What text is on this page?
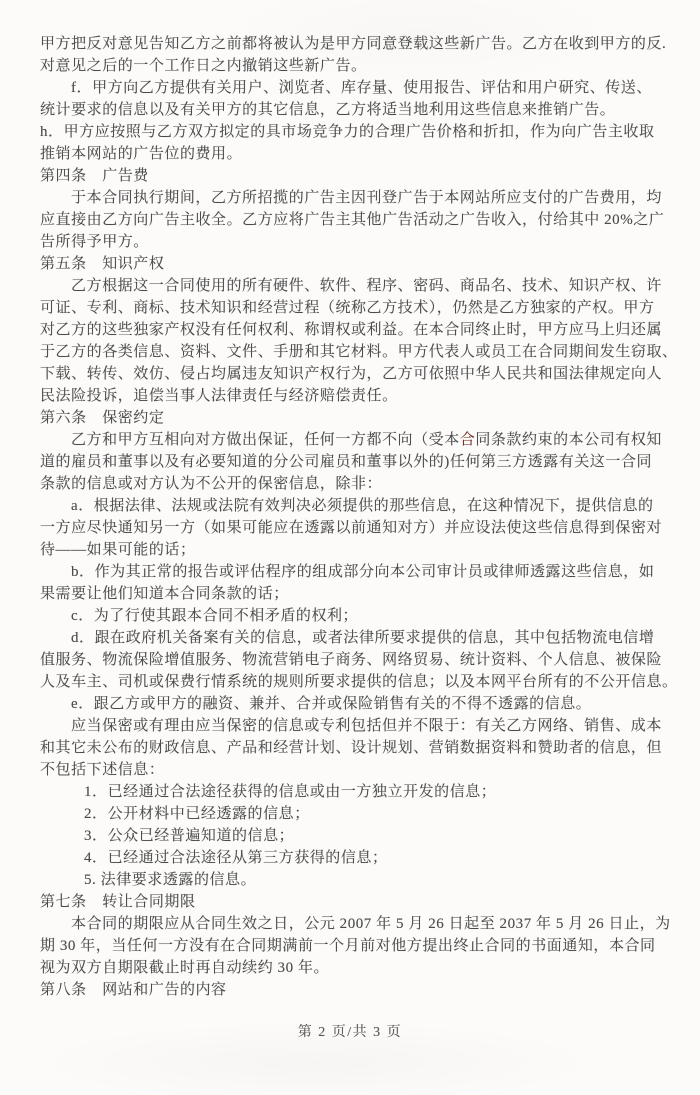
甲方把反对意见告知乙方之前都将被认为是甲方同意登载这些新广告。乙方在收到甲方的反.
对意见之后的一个工作日之内撤销这些新广告。
f．甲方向乙方提供有关用户、浏览者、库存量、使用报告、评估和用户研究、传送、
统计要求的信息以及有关甲方的其它信息，乙方将适当地利用这些信息来推销广告。
h．甲方应按照与乙方双方拟定的具市场竞争力的合理广告价格和折扣，作为向广告主收取
推销本网站的广告位的费用。
第四条　广告费
于本合同执行期间，乙方所招揽的广告主因刊登广告于本网站所应支付的广告费用，均
应直接由乙方向广告主收全。乙方应将广告主其他广告活动之广告收入，付给其中 20%之广
告所得予甲方。
第五条　知识产权
乙方根据这一合同使用的所有硬件、软件、程序、密码、商品名、技术、知识产权、许
可证、专利、商标、技术知识和经营过程（统称乙方技术），仍然是乙方独家的产权。甲方
对乙方的这些独家产权没有任何权利、称谓权或利益。在本合同终止时，甲方应马上归还属
于乙方的各类信息、资料、文件、手册和其它材料。甲方代表人或员工在合同期间发生窃取、
下载、转传、效仿、侵占均属违友知识产权行为，乙方可依照中华人民共和国法律规定向人
民法险投诉，追偿当事人法律责任与经济赔偿责任。
第六条　保密约定
乙方和甲方互相向对方做出保证，任何一方都不向（受本合同条款约束的本公司有权知
道的雇员和董事以及有必要知道的分公司雇员和董事以外的)任何第三方透露有关这一合同
条款的信息或对方认为不公开的保密信息，除非：
a．根据法律、法规或法院有效判决必须提供的那些信息，在这种情况下，提供信息的
一方应尽快通知另一方（如果可能应在透露以前通知对方）并应设法使这些信息得到保密对
待——如果可能的话；
b．作为其正常的报告或评估程序的组成部分向本公司审计员或律师透露这些信息，如
果需要让他们知道本合同条款的话；
c．为了行使其跟本合同不相矛盾的权利；
d．跟在政府机关备案有关的信息，或者法律所要求提供的信息，其中包括物流电信增
值服务、物流保险增值服务、物流营销电子商务、网络贸易、统计资料、个人信息、被保险
人及车主、司机或保费行情系统的规则所要求提供的信息；以及本网平台所有的不公开信息。
e．跟乙方或甲方的融资、兼并、合并或保险销售有关的不得不透露的信息。
应当保密或有理由应当保密的信息或专利包括但并不限于：有关乙方网络、销售、成本
和其它未公布的财政信息、产品和经营计划、设计规划、营销数据资料和赞助者的信息，但
不包括下述信息：
1．已经通过合法途径获得的信息或由一方独立开发的信息；
2．公开材料中已经透露的信息；
3．公众已经普遍知道的信息；
4．已经通过合法途径从第三方获得的信息；
5. 法律要求透露的信息。
第七条　转让合同期限
本合同的期限应从合同生效之日，公元 2007 年 5 月 26 日起至 2037 年 5 月 26 日止，为
期 30 年，当任何一方没有在合同期满前一个月前对他方提出终止合同的书面通知，本合同
视为双方自期限截止时再自动续约 30 年。
第八条　网站和广告的内容
第 2 页/共 3 页
